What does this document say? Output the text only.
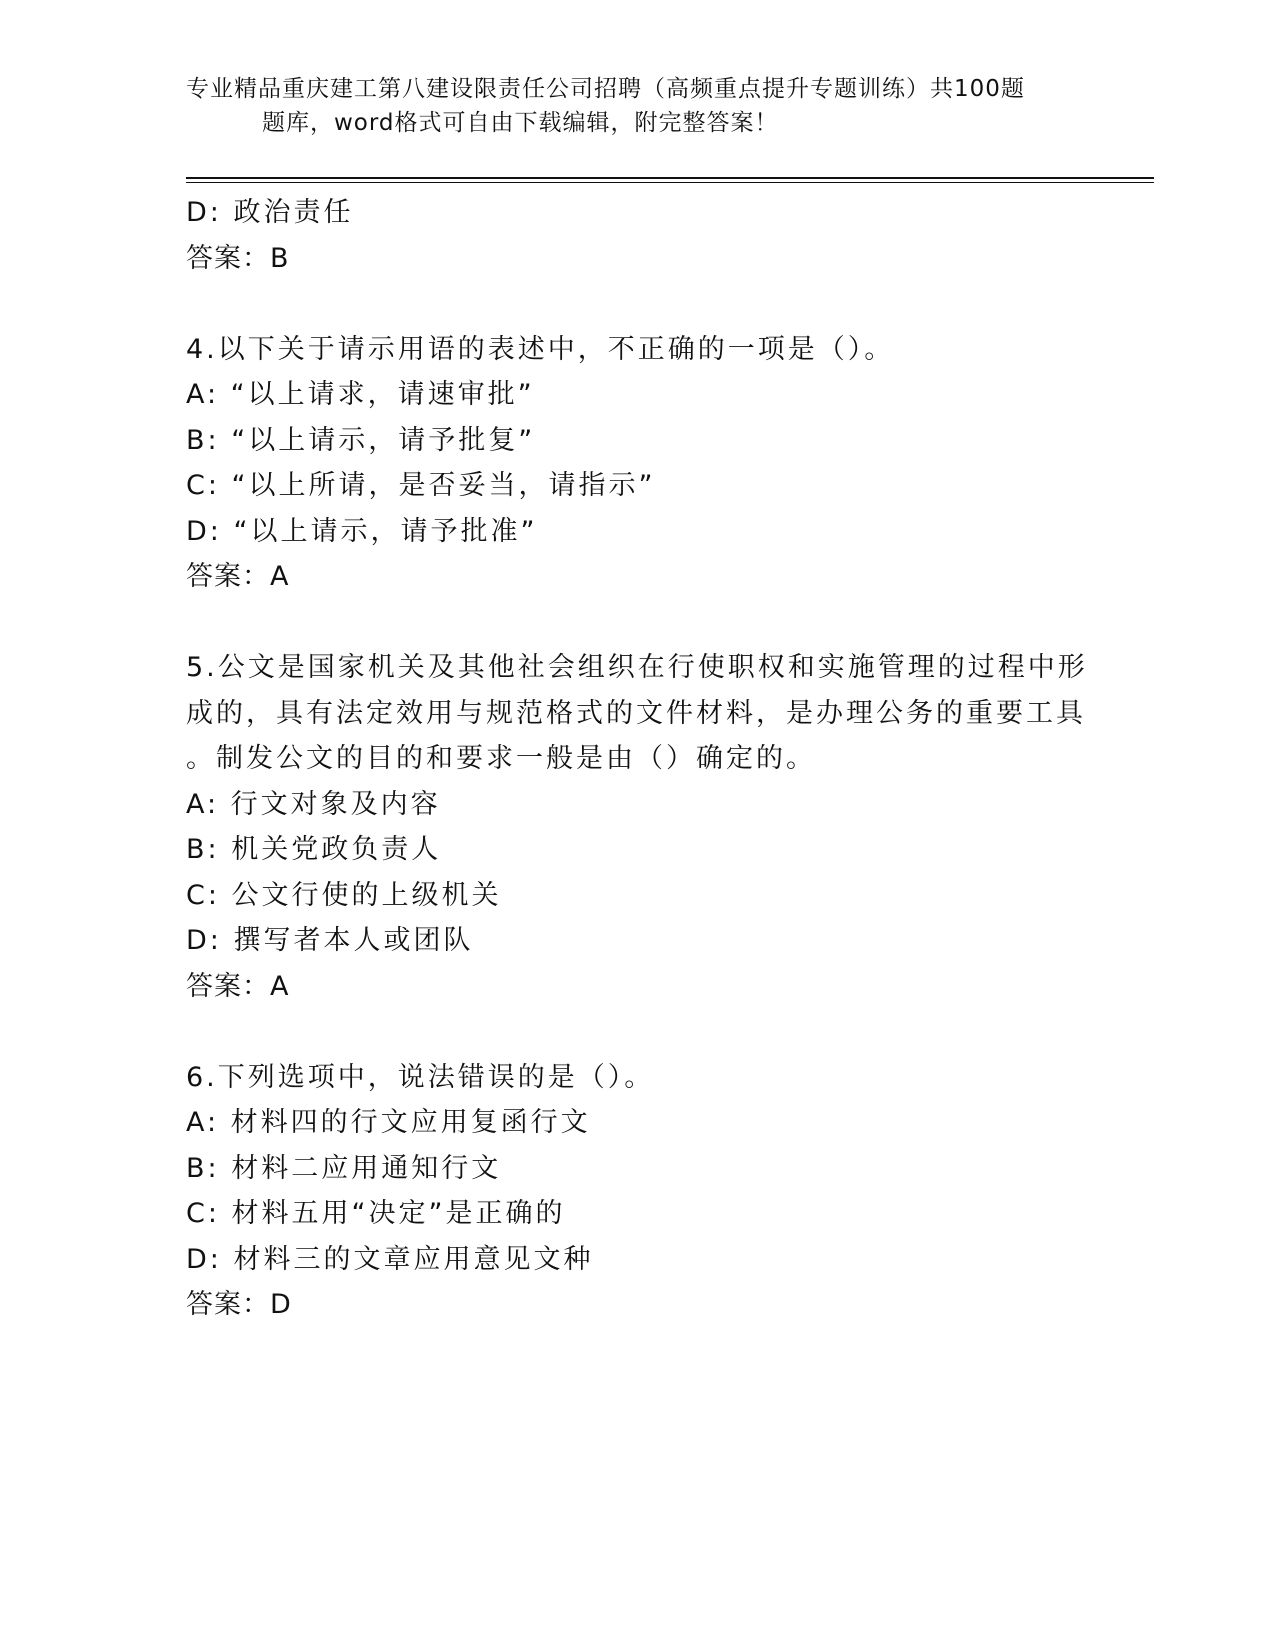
专业精品重庆建工第八建设限责任公司招聘（高频重点提升专题训练）共100题
题库，word格式可自由下载编辑，附完整答案！
D: 政治责任
答案：B
4.以下关于请示用语的表述中，不正确的一项是（）。
A: “以上请求，请速审批”
B: “以上请示，请予批复”
C: “以上所请，是否妥当，请指示”
D: “以上请示，请予批准”
答案：A
5.公文是国家机关及其他社会组织在行使职权和实施管理的过程中形
成的，具有法定效用与规范格式的文件材料，是办理公务的重要工具
。制发公文的目的和要求一般是由（）确定的。
A: 行文对象及内容
B: 机关党政负责人
C: 公文行使的上级机关
D: 撰写者本人或团队
答案：A
6.下列选项中，说法错误的是（）。
A: 材料四的行文应用复函行文
B: 材料二应用通知行文
C: 材料五用“决定”是正确的
D: 材料三的文章应用意见文种
答案：D
